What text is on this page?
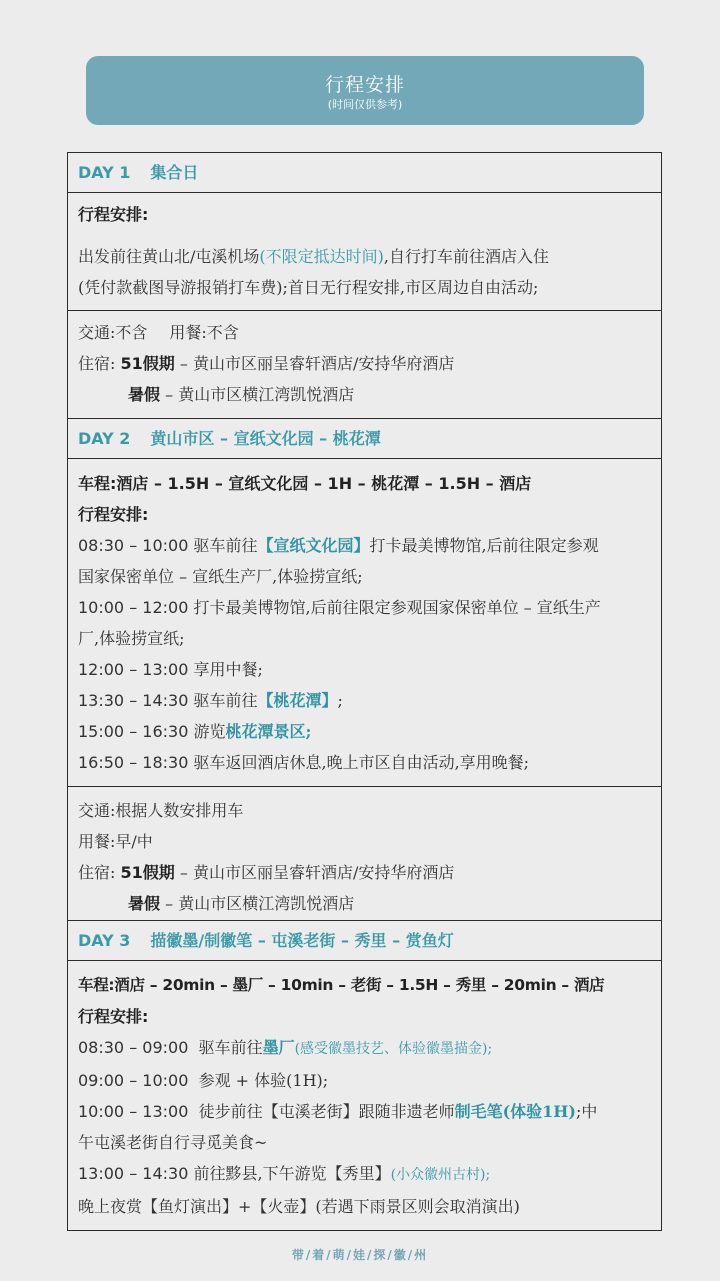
行程安排
(时间仅供参考)
DAY 1 集合日
行程安排:
出发前往黄山北/屯溪机场(不限定抵达时间),自行打车前往酒店入住
(凭付款截图导游报销打车费);首日无行程安排,市区周边自由活动;
交通:不含 用餐:不含
住宿: 51假期 – 黄山市区丽呈睿轩酒店/安持华府酒店
暑假 – 黄山市区横江湾凯悦酒店
DAY 2 黄山市区 – 宣纸文化园 – 桃花潭
车程:酒店 – 1.5H – 宣纸文化园 – 1H – 桃花潭 – 1.5H – 酒店
行程安排:
08:30 – 10:00 驱车前往【宣纸文化园】打卡最美博物馆,后前往限定参观
国家保密单位 – 宣纸生产厂,体验捞宣纸;
10:00 – 12:00 打卡最美博物馆,后前往限定参观国家保密单位 – 宣纸生产
厂,体验捞宣纸;
12:00 – 13:00 享用中餐;
13:30 – 14:30 驱车前往【桃花潭】;
15:00 – 16:30 游览桃花潭景区;
16:50 – 18:30 驱车返回酒店休息,晚上市区自由活动,享用晚餐;
交通:根据人数安排用车
用餐:早/中
住宿: 51假期 – 黄山市区丽呈睿轩酒店/安持华府酒店
暑假 – 黄山市区横江湾凯悦酒店
DAY 3 描徽墨/制徽笔 – 屯溪老街 – 秀里 – 赏鱼灯
车程:酒店 – 20min – 墨厂 – 10min – 老街 – 1.5H – 秀里 – 20min – 酒店
行程安排:
08:30 – 09:00 驱车前往墨厂(感受徽墨技艺、体验徽墨描金);
09:00 – 10:00 参观 + 体验(1H);
10:00 – 13:00 徒步前往【屯溪老街】跟随非遗老师制毛笔(体验1H);中
午屯溪老街自行寻觅美食~
13:00 – 14:30 前往黟县,下午游览【秀里】(小众徽州古村);
晚上夜赏【鱼灯演出】+【火壶】(若遇下雨景区则会取消演出)
带/着/萌/娃/探/徽/州
